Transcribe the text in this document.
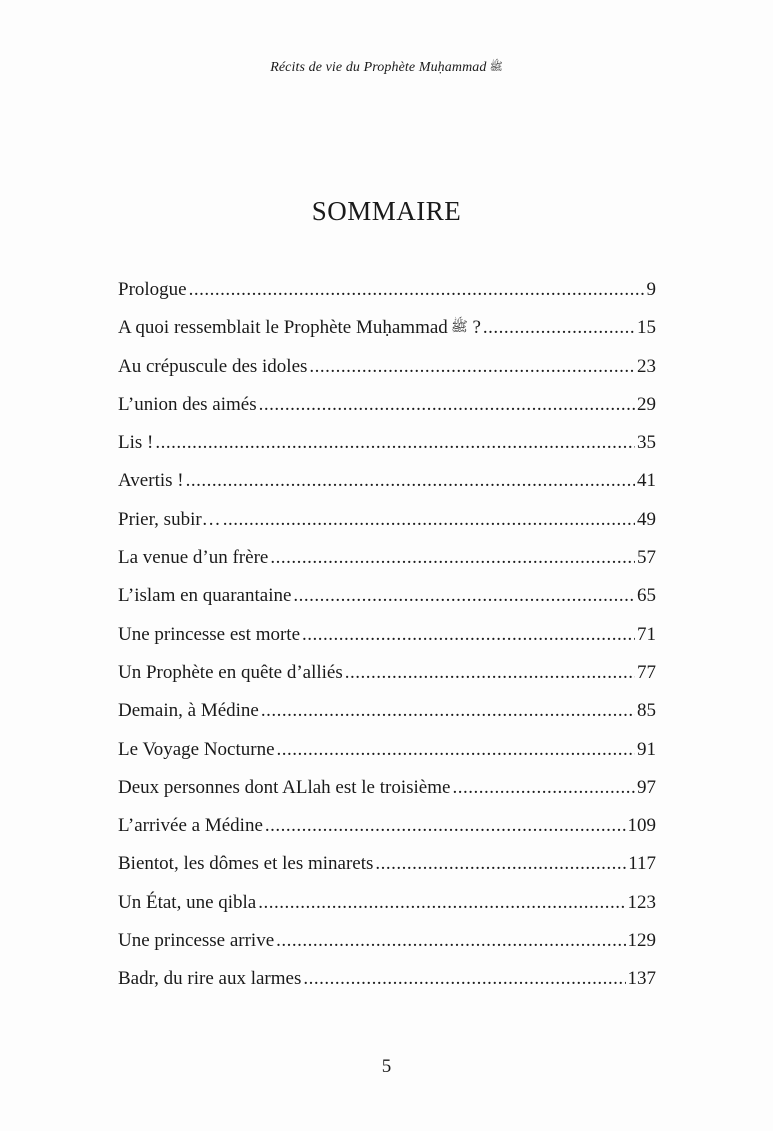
Récits de vie du Prophète Muḥammad ﷺ
SOMMAIRE
Prologue .....	9
A quoi ressemblait le Prophète Muḥammad ﷺ ? .....	15
Au crépuscule des idoles .....	23
L’union des aimés .....	29
Lis ! .....	35
Avertis ! .....	41
Prier, subir… .....	49
La venue d’un frère .....	57
L’islam en quarantaine .....	65
Une princesse est morte .....	71
Un Prophète en quête d’alliés .....	77
Demain, à Médine .....	85
Le Voyage Nocturne .....	91
Deux personnes dont ALlah est le troisième .....	97
L’arrivée a Médine .....	109
Bientot, les dômes et les minarets .....	117
Un État, une qibla .....	123
Une princesse arrive .....	129
Badr, du rire aux larmes .....	137
5
